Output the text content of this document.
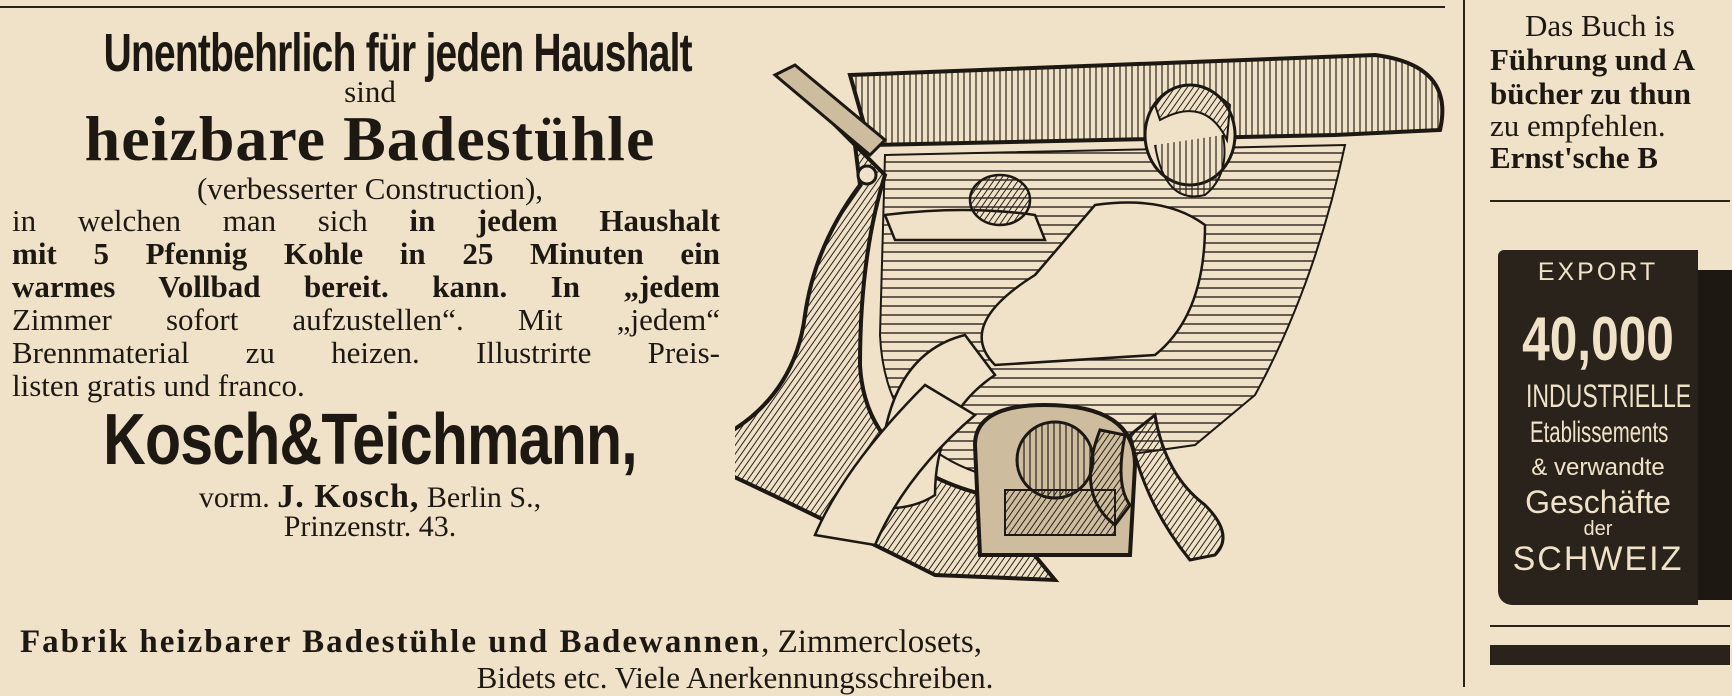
Unentbehrlich für jeden Haushalt
sind
heizbare Badestühle
(verbesserter Construction),
in welchen man sich in jedem Haushalt
mit 5 Pfennig Kohle in 25 Minuten ein
warmes Vollbad bereit. kann. In „jedem
Zimmer sofort aufzustellen“. Mit „jedem“
Brennmaterial zu heizen. Illustrirte Preis-
listen gratis und franco.
Kosch&Teichmann,
vorm. J. Kosch, Berlin S.,
Prinzenstr. 43.
Fabrik heizbarer Badestühle und Badewannen, Zimmerclosets,
Bidets etc. Viele Anerkennungsschreiben.
Das Buch is
Führung und A
bücher zu thun
zu empfehlen.
Ernst'sche B
EXPORT
40,000
INDUSTRIELLE
Etablissements
& verwandte
Geschäfte
der
SCHWEIZ
